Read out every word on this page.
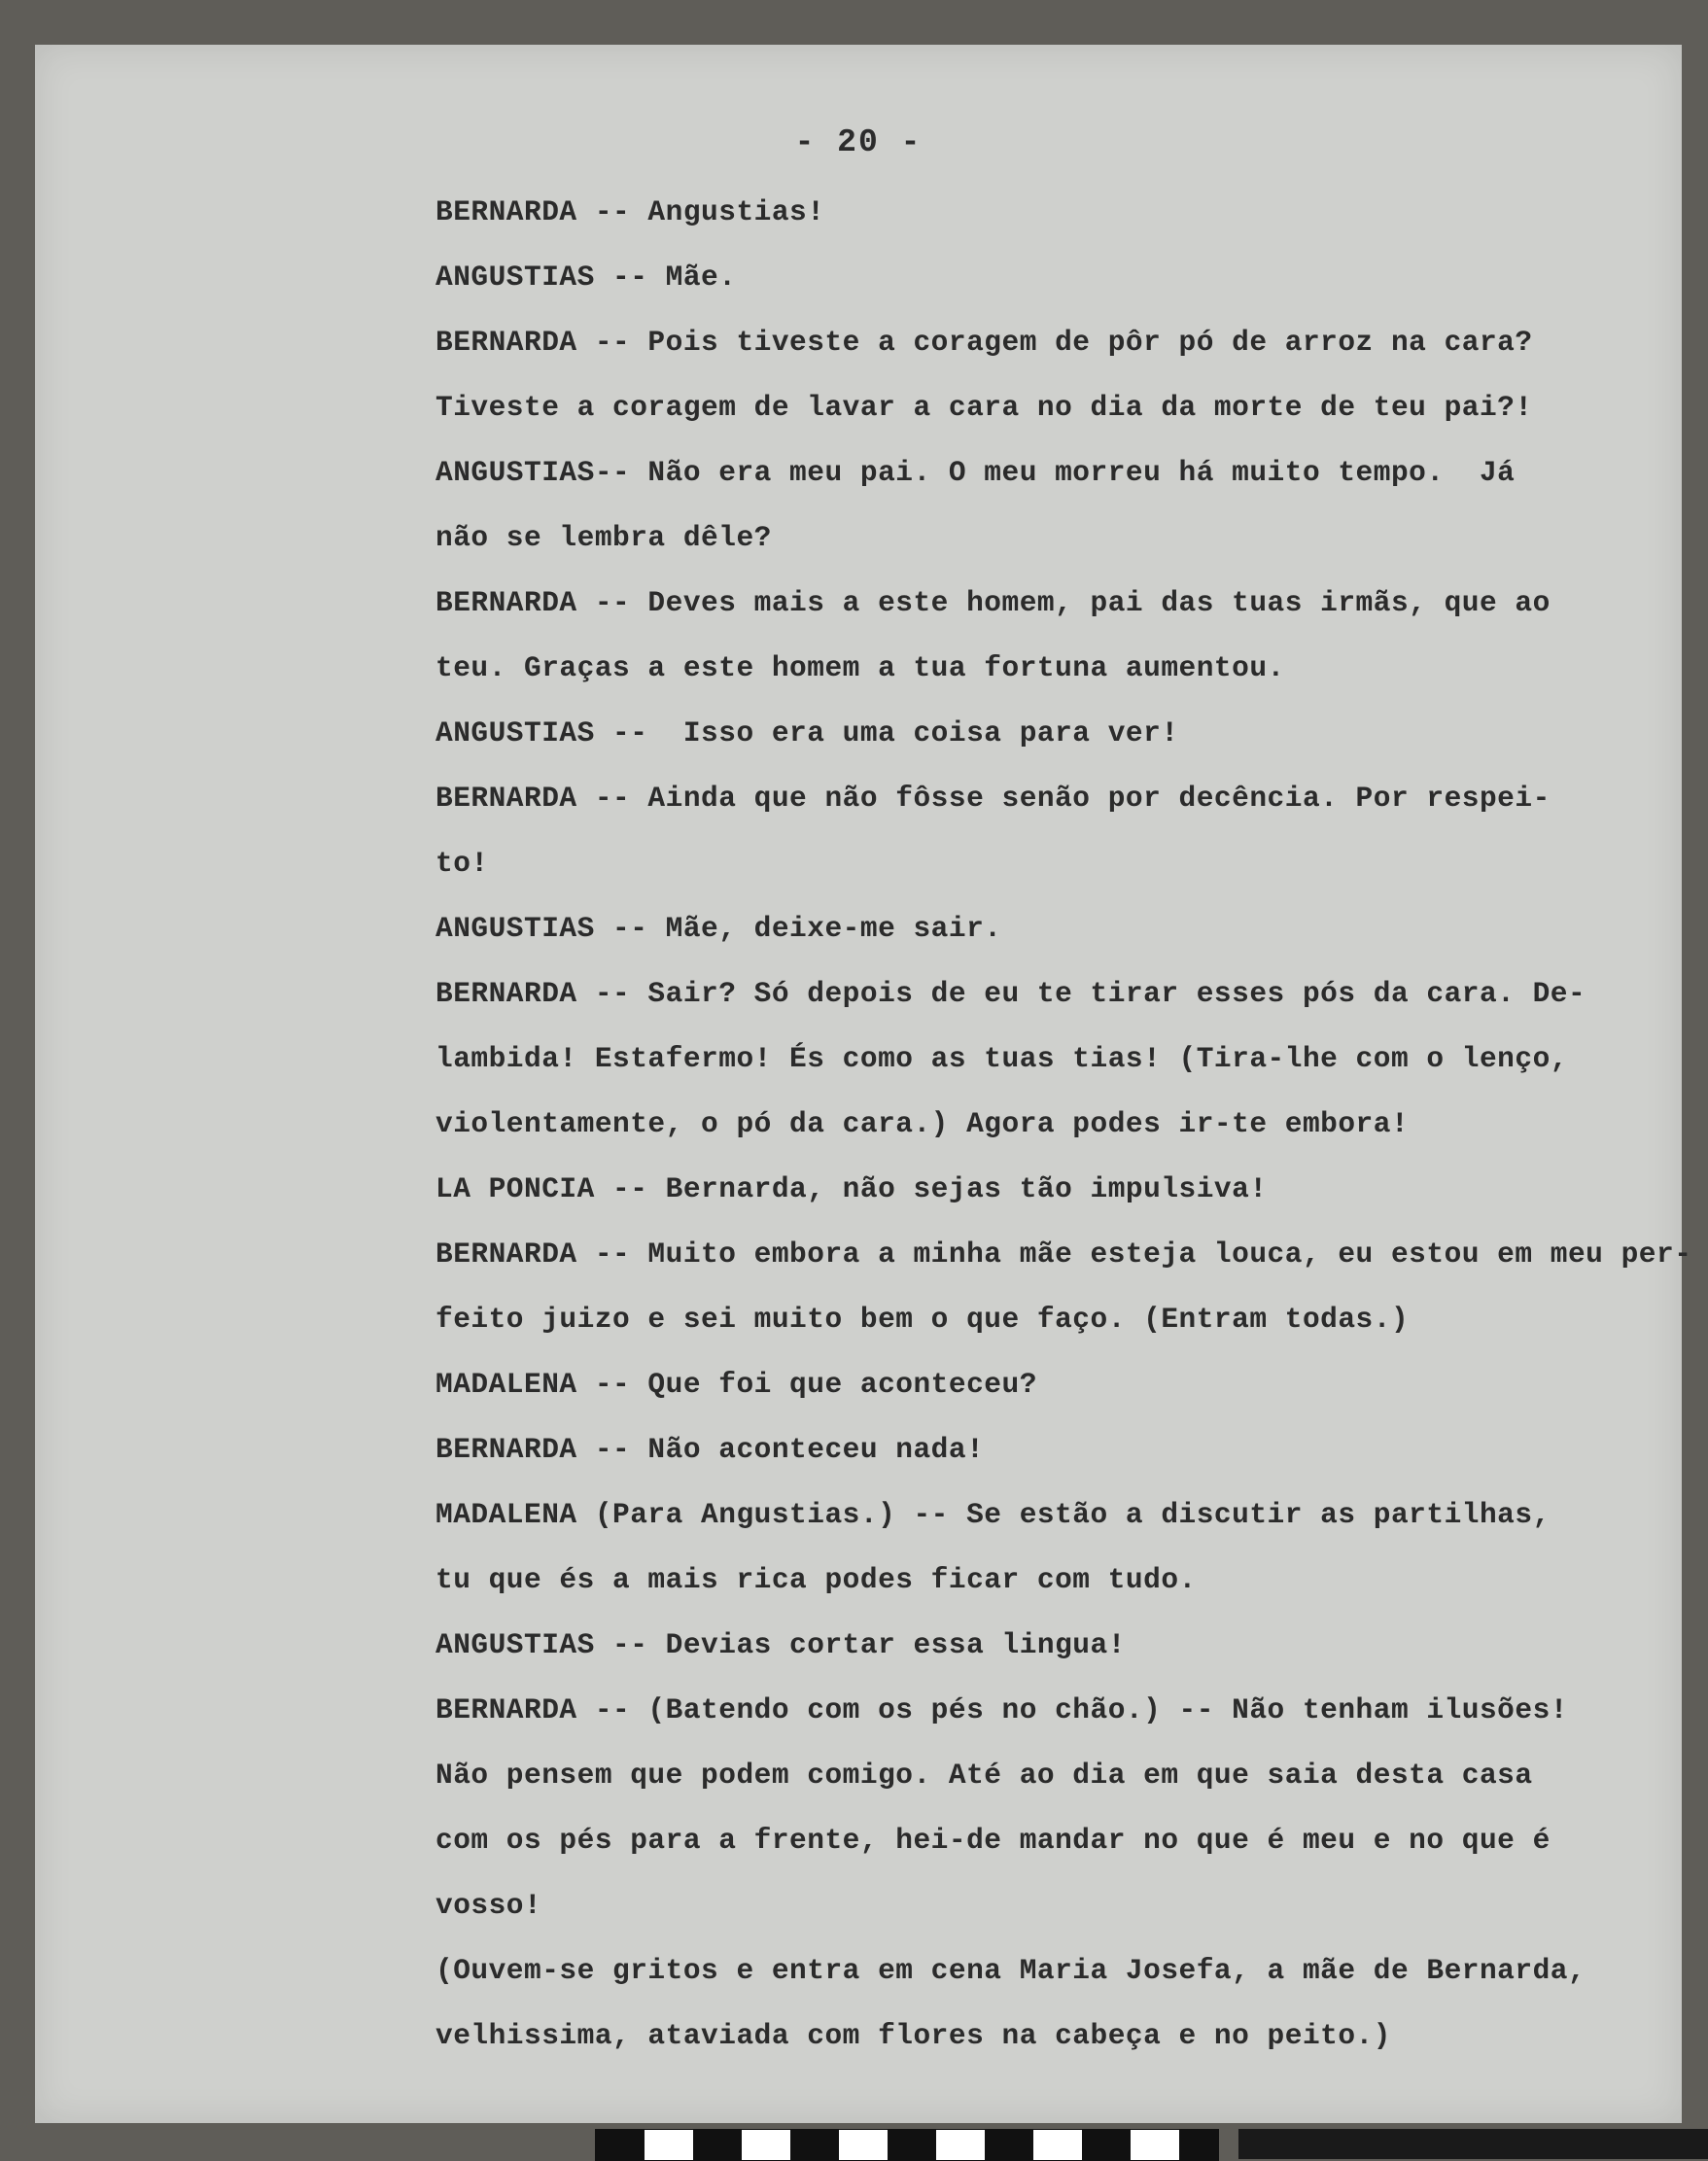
- 20 -
BERNARDA -- Angustias!
ANGUSTIAS -- Mãe.
BERNARDA -- Pois tiveste a coragem de pôr pó de arroz na cara?
Tiveste a coragem de lavar a cara no dia da morte de teu pai?!
ANGUSTIAS-- Não era meu pai. O meu morreu há muito tempo.  Já
não se lembra dêle?
BERNARDA -- Deves mais a este homem, pai das tuas irmãs, que ao
teu. Graças a este homem a tua fortuna aumentou.
ANGUSTIAS --  Isso era uma coisa para ver!
BERNARDA -- Ainda que não fôsse senão por decência. Por respei-
to!
ANGUSTIAS -- Mãe, deixe-me sair.
BERNARDA -- Sair? Só depois de eu te tirar esses pós da cara. De-
lambida! Estafermo! És como as tuas tias! (Tira-lhe com o lenço,
violentamente, o pó da cara.) Agora podes ir-te embora!
LA PONCIA -- Bernarda, não sejas tão impulsiva!
BERNARDA -- Muito embora a minha mãe esteja louca, eu estou em meu per-
feito juizo e sei muito bem o que faço. (Entram todas.)
MADALENA -- Que foi que aconteceu?
BERNARDA -- Não aconteceu nada!
MADALENA (Para Angustias.) -- Se estão a discutir as partilhas,
tu que és a mais rica podes ficar com tudo.
ANGUSTIAS -- Devias cortar essa lingua!
BERNARDA -- (Batendo com os pés no chão.) -- Não tenham ilusões!
Não pensem que podem comigo. Até ao dia em que saia desta casa
com os pés para a frente, hei-de mandar no que é meu e no que é
vosso!
(Ouvem-se gritos e entra em cena Maria Josefa, a mãe de Bernarda,
velhissima, ataviada com flores na cabeça e no peito.)
